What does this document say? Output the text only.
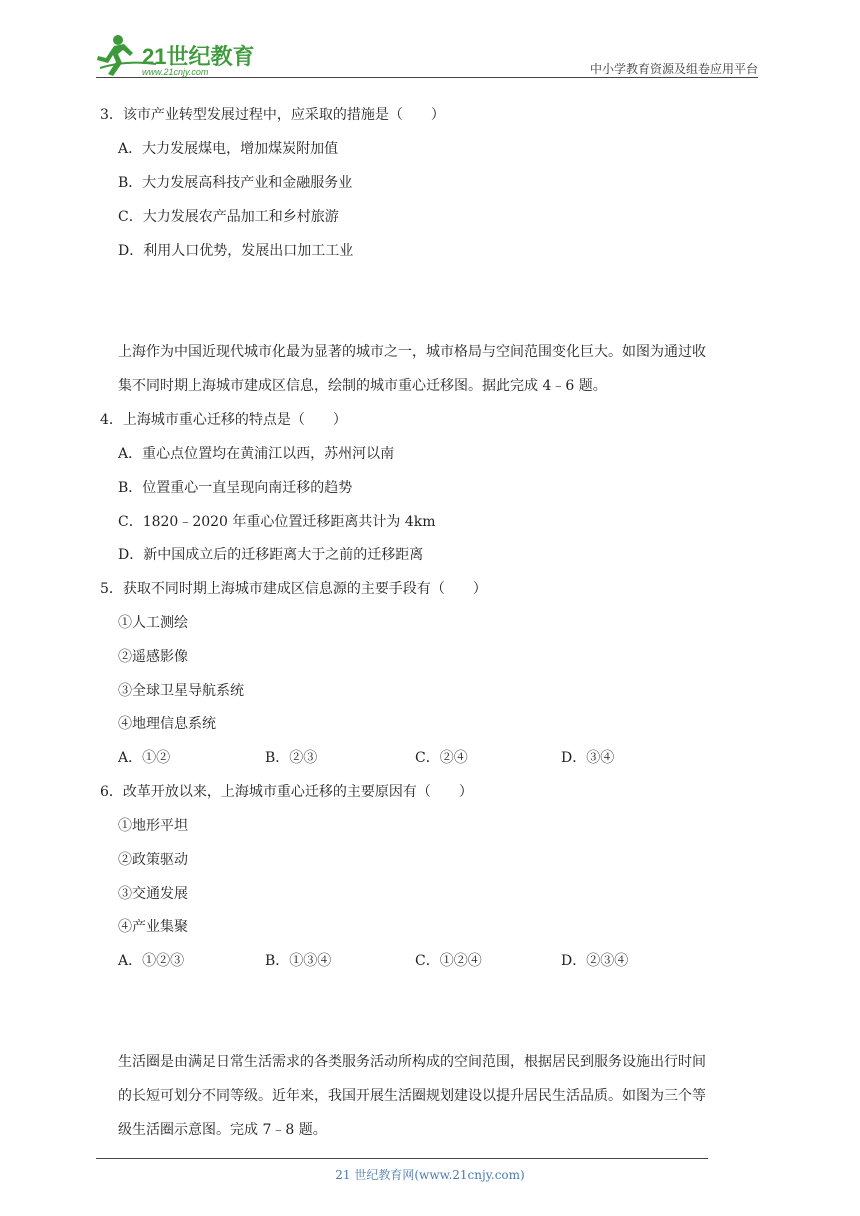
21世纪教育
www.21cnjy.com	中小学教育资源及组卷应用平台
3．该市产业转型发展过程中，应采取的措施是（　　）
A．大力发展煤电，增加煤炭附加值
B．大力发展高科技产业和金融服务业
C．大力发展农产品加工和乡村旅游
D．利用人口优势，发展出口加工工业
上海作为中国近现代城市化最为显著的城市之一，城市格局与空间范围变化巨大。如图为通过收
集不同时期上海城市建成区信息，绘制的城市重心迁移图。据此完成 4﹣6 题。
4．上海城市重心迁移的特点是（　　）
A．重心点位置均在黄浦江以西，苏州河以南
B．位置重心一直呈现向南迁移的趋势
C．1820﹣2020 年重心位置迁移距离共计为 4km
D．新中国成立后的迁移距离大于之前的迁移距离
5．获取不同时期上海城市建成区信息源的主要手段有（　　）
①人工测绘
②遥感影像
③全球卫星导航系统
④地理信息系统
A．①②	B．②③	C．②④	D．③④
6．改革开放以来，上海城市重心迁移的主要原因有（　　）
①地形平坦
②政策驱动
③交通发展
④产业集聚
A．①②③	B．①③④	C．①②④	D．②③④
生活圈是由满足日常生活需求的各类服务活动所构成的空间范围，根据居民到服务设施出行时间
的长短可划分不同等级。近年来，我国开展生活圈规划建设以提升居民生活品质。如图为三个等
级生活圈示意图。完成 7﹣8 题。
21 世纪教育网(www.21cnjy.com)
